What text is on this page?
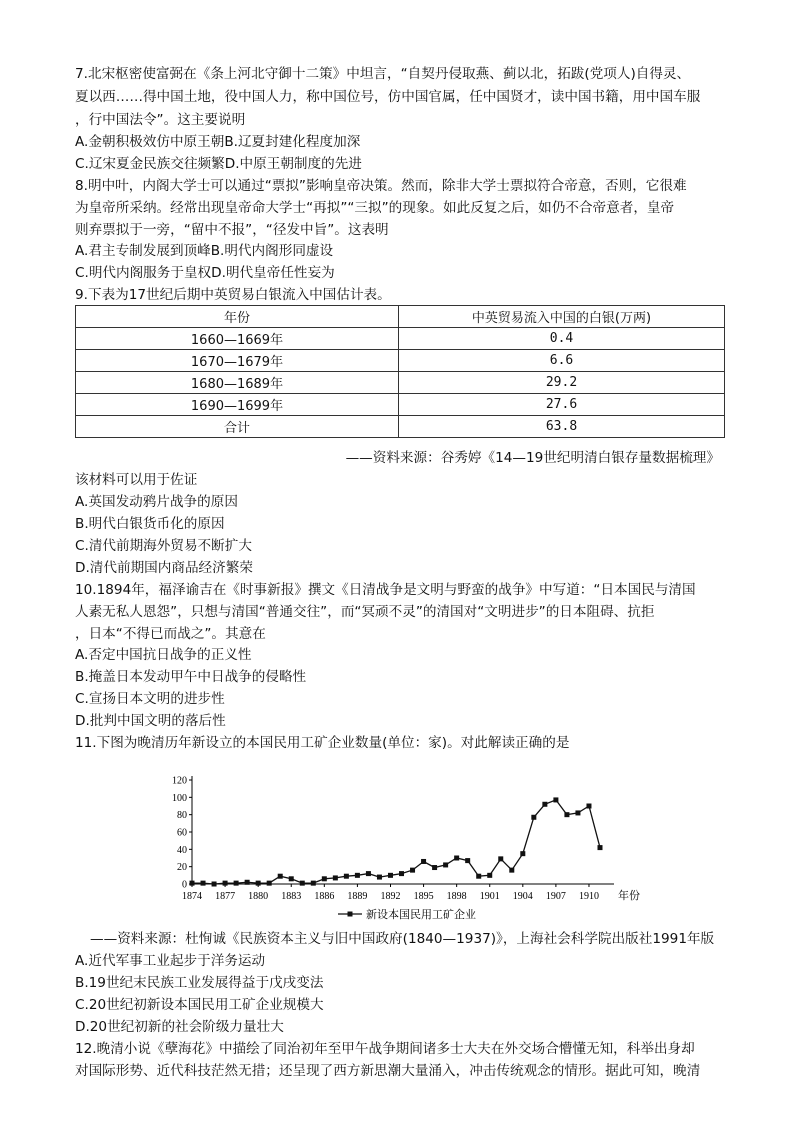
7.北宋枢密使富弼在《条上河北守御十二策》中坦言，“自契丹侵取燕、蓟以北，拓跋(党项人)自得灵、
夏以西……得中国土地，役中国人力，称中国位号，仿中国官属，任中国贤才，读中国书籍，用中国车服
，行中国法令”。这主要说明
A.金朝积极效仿中原王朝B.辽夏封建化程度加深
C.辽宋夏金民族交往频繁D.中原王朝制度的先进
8.明中叶，内阁大学士可以通过“票拟”影响皇帝决策。然而，除非大学士票拟符合帝意，否则，它很难
为皇帝所采纳。经常出现皇帝命大学士“再拟”“三拟”的现象。如此反复之后，如仍不合帝意者，皇帝
则弃票拟于一旁，“留中不报”，“径发中旨”。这表明
A.君主专制发展到顶峰B.明代内阁形同虚设
C.明代内阁服务于皇权D.明代皇帝任性妄为
9.下表为17世纪后期中英贸易白银流入中国估计表。
年份	中英贸易流入中国的白银(万两)
1660—1669年	0.4
1670—1679年	6.6
1680—1689年	29.2
1690—1699年	27.6
合计	63.8
——资料来源：谷秀婷《14—19世纪明清白银存量数据梳理》
该材料可以用于佐证
A.英国发动鸦片战争的原因
B.明代白银货币化的原因
C.清代前期海外贸易不断扩大
D.清代前期国内商品经济繁荣
10.1894年，福泽谕吉在《时事新报》撰文《日清战争是文明与野蛮的战争》中写道：“日本国民与清国
人素无私人恩怨”，只想与清国“普通交往”，而“冥顽不灵”的清国对“文明进步”的日本阻碍、抗拒
，日本“不得已而战之”。其意在
A.否定中国抗日战争的正义性
B.掩盖日本发动甲午中日战争的侵略性
C.宣扬日本文明的进步性
D.批判中国文明的落后性
11.下图为晚清历年新设立的本国民用工矿企业数量(单位：家)。对此解读正确的是
0
20
40
60
80
100
120
1874 1877 1880 1883 1886 1889 1892 1895 1898 1901 1904 1907 1910 年份
新设本国民用工矿企业
——资料来源：杜恂诚《民族资本主义与旧中国政府(1840—1937)》，上海社会科学院出版社1991年版
A.近代军事工业起步于洋务运动
B.19世纪末民族工业发展得益于戊戌变法
C.20世纪初新设本国民用工矿企业规模大
D.20世纪初新的社会阶级力量壮大
12.晚清小说《孽海花》中描绘了同治初年至甲午战争期间诸多士大夫在外交场合懵懂无知，科举出身却
对国际形势、近代科技茫然无措；还呈现了西方新思潮大量涌入，冲击传统观念的情形。据此可知，晚清
